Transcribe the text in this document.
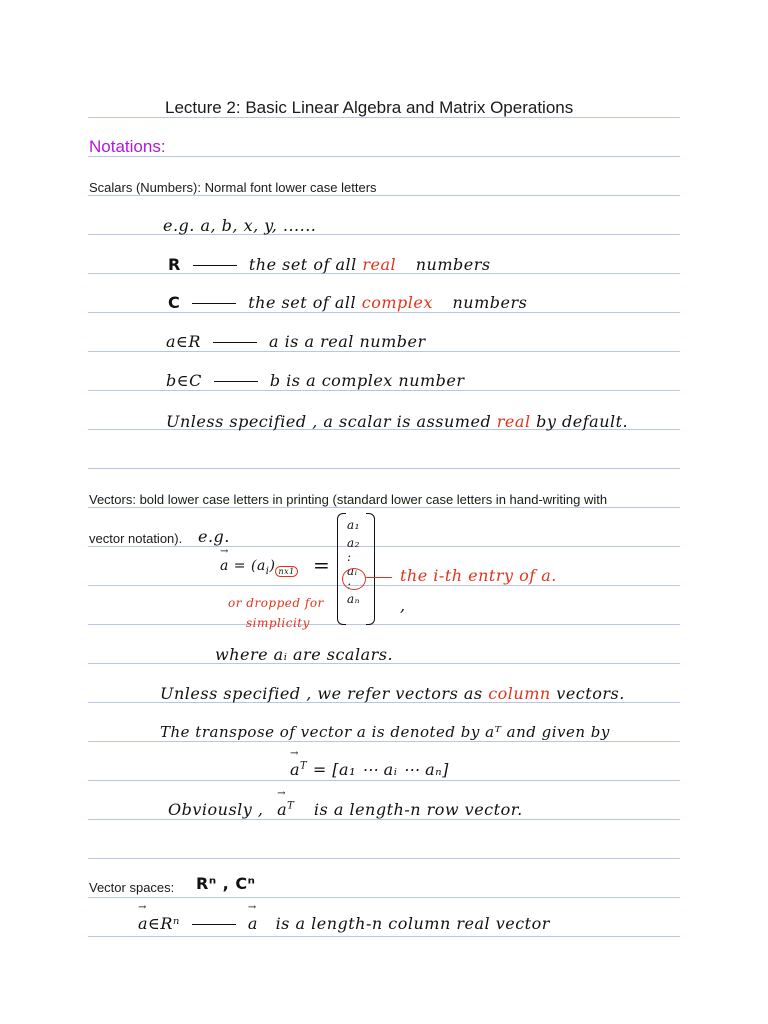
Lecture 2: Basic Linear Algebra and Matrix Operations
Notations:
Scalars (Numbers): Normal font lower case letters
e.g. a, b, x, y, ......
R	the set of all real numbers
C	the set of all complex numbers
a∈R	a is a real number
b∈C	b is a complex number
Unless specified , a scalar is assumed real by default.
Vectors: bold lower case letters in printing (standard lower case letters in hand-writing with
vector notation). e.g.
→ $a = (a_i) _{nx1}$ =
a₁
a₂
:
aᵢ
:
aₙ
the i-th entry of a.
,
or dropped for
simplicity
where aᵢ are scalars.
Unless specified , we refer vectors as column vectors.
The transpose of vector a is denoted by aᵀ and given by
→ $a^T = [a_1$ ⋯ aᵢ ⋯ aₙ]
Obviously , → $a^T$ is a length-n row vector.
Vector spaces: Rⁿ , Cⁿ
→ a∈Rⁿ	→ a is a length-n column real vector
